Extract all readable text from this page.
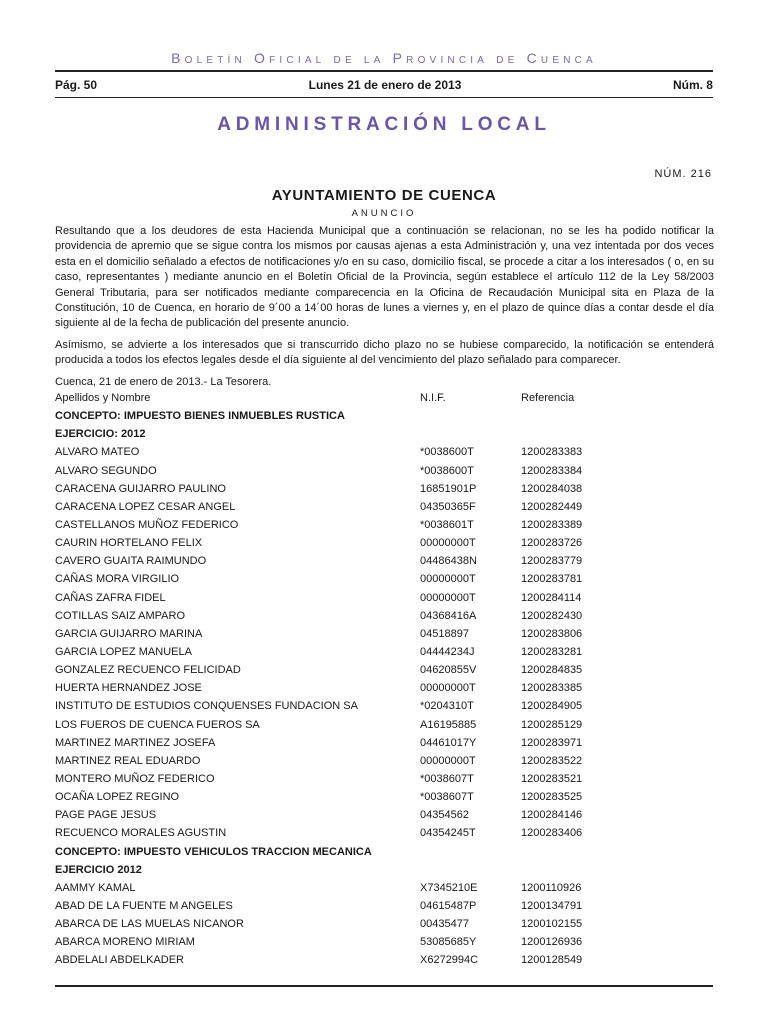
Boletín Oficial de la Provincia de Cuenca
Pág. 50	Lunes 21 de enero de 2013	Núm. 8
ADMINISTRACIÓN LOCAL
NÚM. 216
AYUNTAMIENTO DE CUENCA
ANUNCIO

Resultando que a los deudores de esta Hacienda Municipal que a continuación se relacionan, no se les ha podido notificar la providencia de apremio que se sigue contra los mismos por causas ajenas a esta Administración y, una vez intentada por dos veces esta en el domicilio señalado a efectos de notificaciones y/o en su caso, domicilio fiscal, se procede a citar a los interesados ( o, en su caso, representantes ) mediante anuncio en el Boletín Oficial de la Provincia, según establece el artículo 112 de la Ley 58/2003 General Tributaria, para ser notificados mediante comparecencia en la Oficina de Recaudación Municipal sita en Plaza de la Constitución, 10 de Cuenca, en horario de 9´00 a 14´00 horas de lunes a viernes y, en el plazo de quince días a contar desde el día siguiente al de la fecha de publicación del presente anuncio.

Asímismo, se advierte a los interesados que si transcurrido dicho plazo no se hubiese comparecido, la notificación se entenderá producida a todos los efectos legales desde el día siguiente al del vencimiento del plazo señalado para comparecer.

Cuenca, 21 de enero de 2013.- La Tesorera.

Apellidos y Nombre	N.I.F.	Referencia
CONCEPTO: IMPUESTO BIENES INMUEBLES RUSTICA
EJERCICIO: 2012
ALVARO MATEO	*0038600T	1200283383
ALVARO SEGUNDO	*0038600T	1200283384
CARACENA GUIJARRO PAULINO	16851901P	1200284038
CARACENA LOPEZ CESAR ANGEL	04350365F	1200282449
CASTELLANOS MUÑOZ FEDERICO	*0038601T	1200283389
CAURIN HORTELANO FELIX	00000000T	1200283726
CAVERO GUAITA RAIMUNDO	04486438N	1200283779
CAÑAS MORA VIRGILIO	00000000T	1200283781
CAÑAS ZAFRA FIDEL	00000000T	1200284114
COTILLAS SAIZ AMPARO	04368416A	1200282430
GARCIA GUIJARRO MARINA	04518897	1200283806
GARCIA LOPEZ MANUELA	04444234J	1200283281
GONZALEZ RECUENCO FELICIDAD	04620855V	1200284835
HUERTA HERNANDEZ JOSE	00000000T	1200283385
INSTITUTO DE ESTUDIOS CONQUENSES FUNDACION SA	*0204310T	1200284905
LOS FUEROS DE CUENCA FUEROS SA	A16195885	1200285129
MARTINEZ MARTINEZ JOSEFA	04461017Y	1200283971
MARTINEZ REAL EDUARDO	00000000T	1200283522
MONTERO MUÑOZ FEDERICO	*0038607T	1200283521
OCAÑA LOPEZ REGINO	*0038607T	1200283525
PAGE PAGE JESUS	04354562	1200284146
RECUENCO MORALES AGUSTIN	04354245T	1200283406
CONCEPTO: IMPUESTO VEHICULOS TRACCION MECANICA
EJERCICIO 2012
AAMMY KAMAL	X7345210E	1200110926
ABAD DE LA FUENTE M ANGELES	04615487P	1200134791
ABARCA DE LAS MUELAS NICANOR	00435477	1200102155
ABARCA MORENO MIRIAM	53085685Y	1200126936
ABDELALI ABDELKADER	X6272994C	1200128549
